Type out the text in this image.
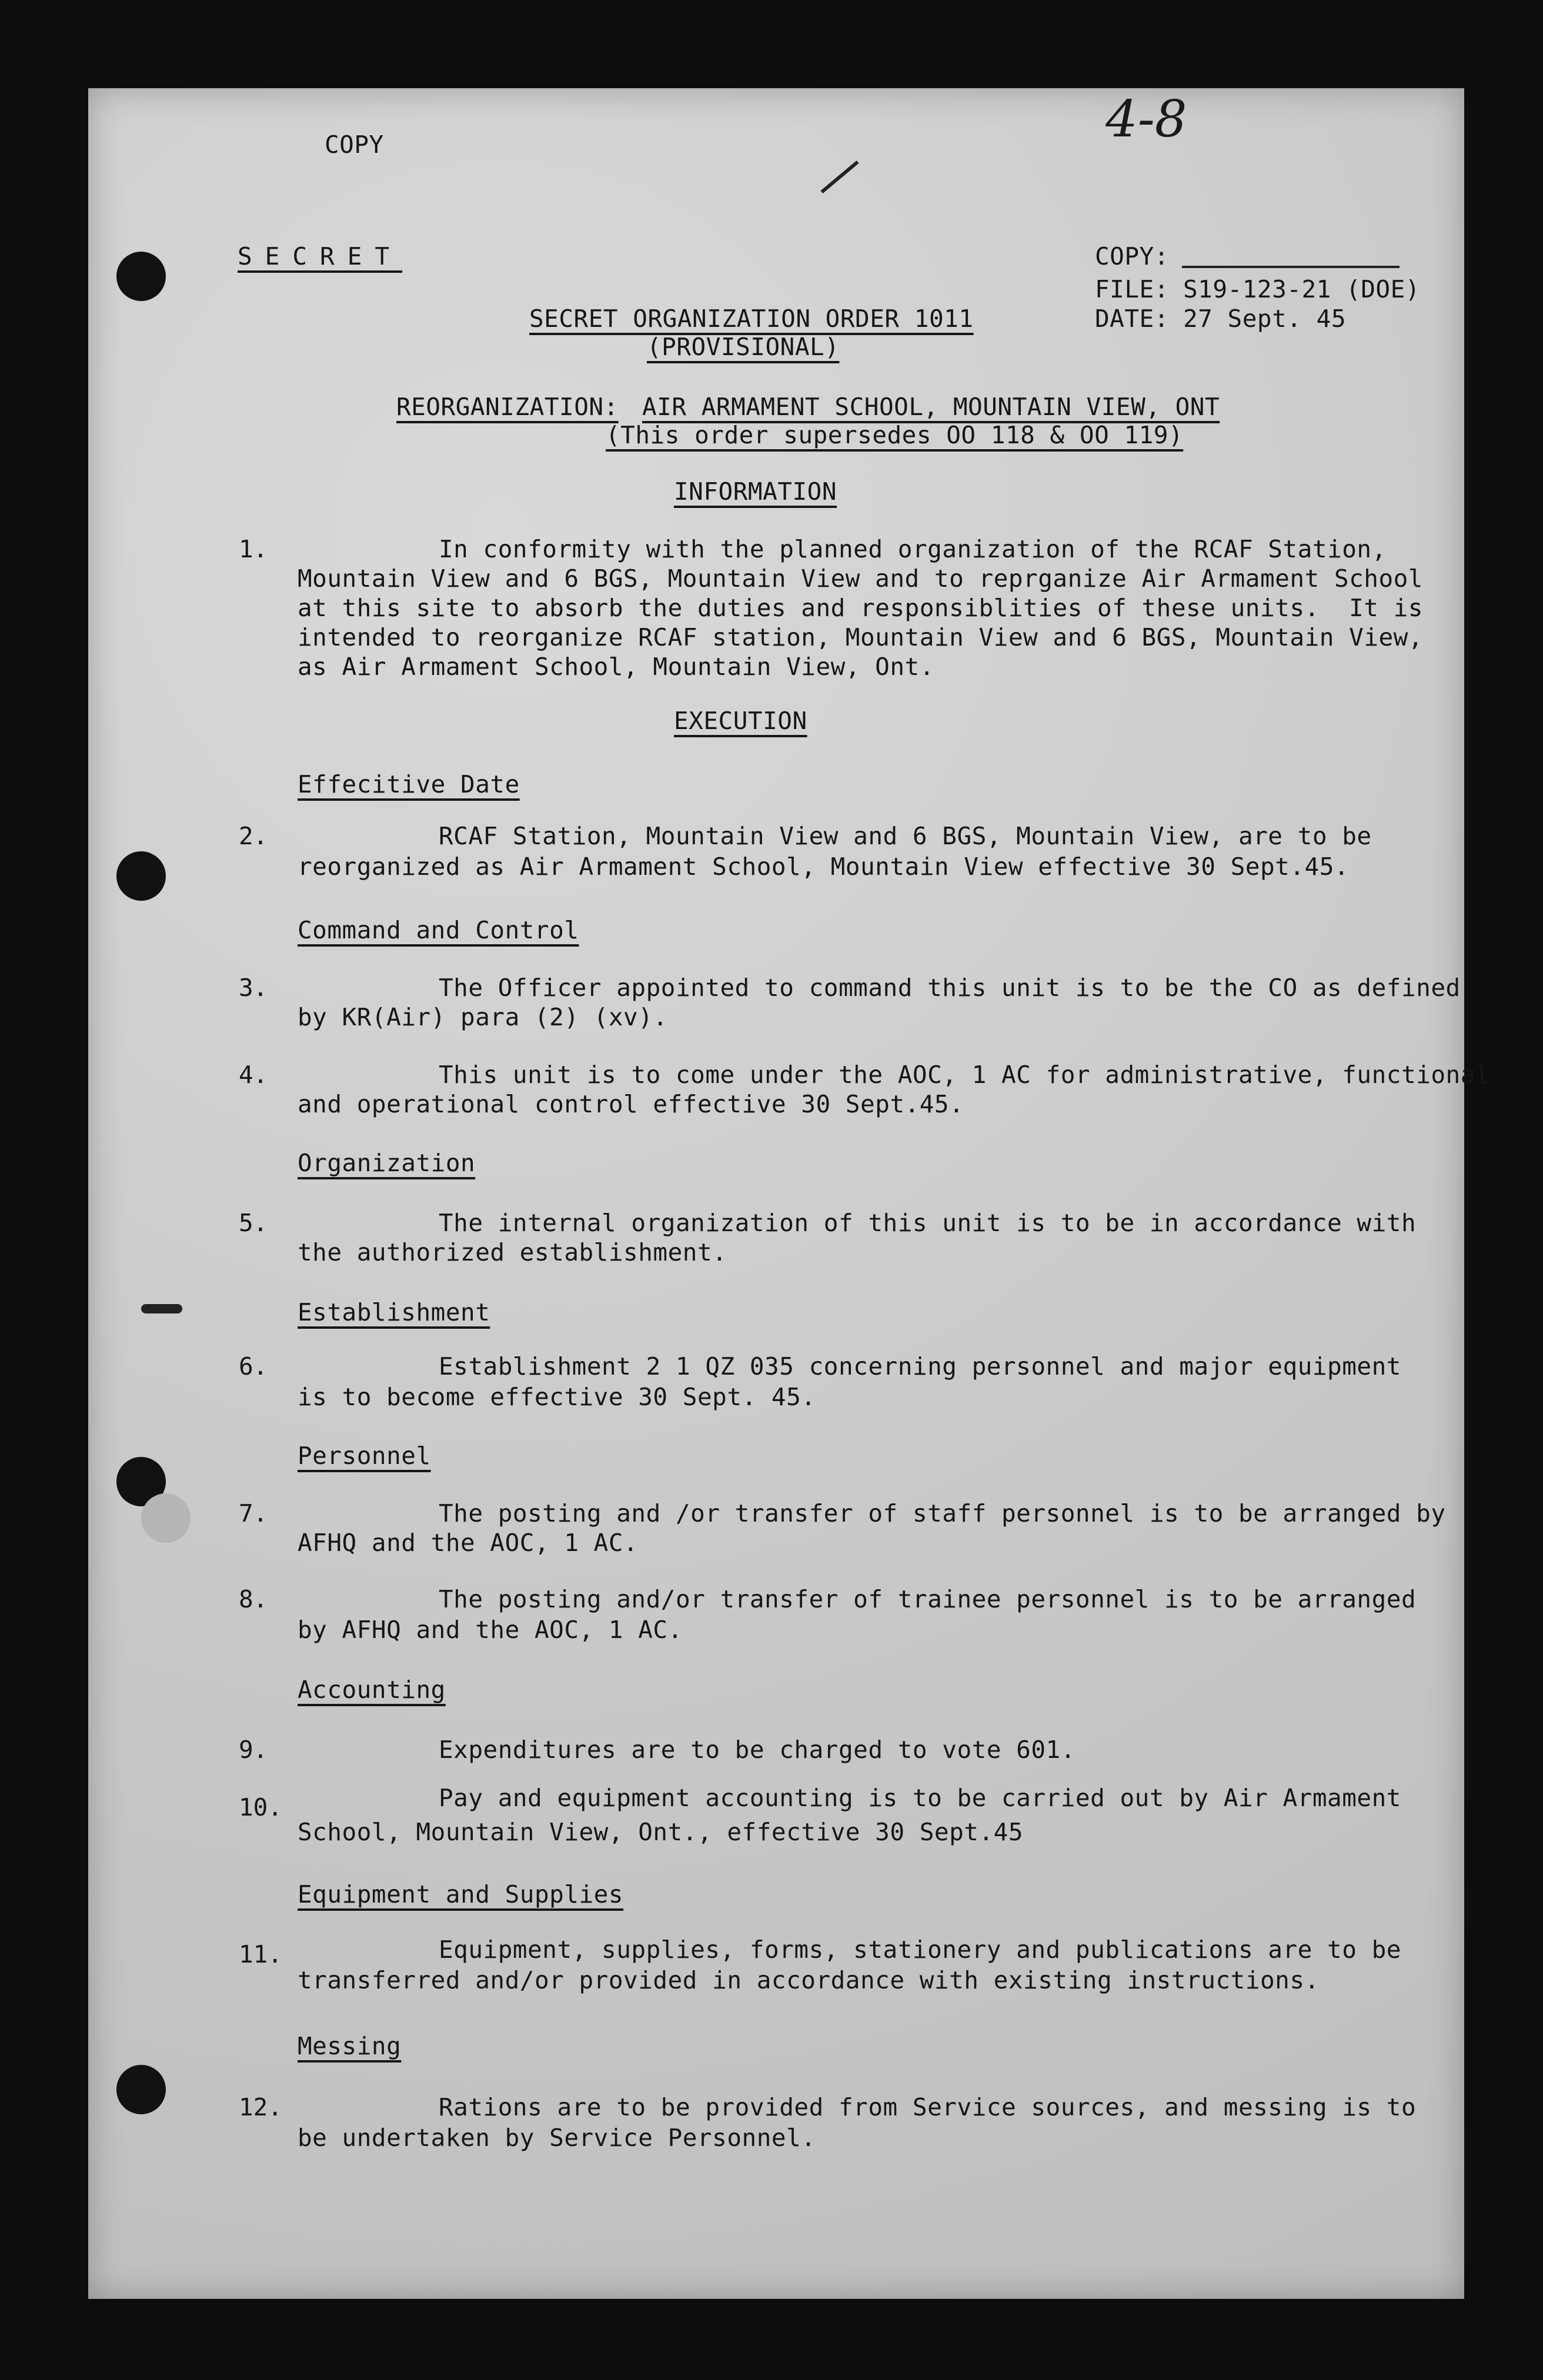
COPY	4-8
SECRET	COPY:
FILE: S19-123-21 (DOE)
DATE: 27 Sept. 45
SECRET ORGANIZATION ORDER 1011
(PROVISIONAL)
REORGANIZATION: AIR ARMAMENT SCHOOL, MOUNTAIN VIEW, ONT
(This order supersedes OO 118 & OO 119)
INFORMATION
1.	In conformity with the planned organization of the RCAF Station,
Mountain View and 6 BGS, Mountain View and to reprganize Air Armament School
at this site to absorb the duties and responsiblities of these units.  It is
intended to reorganize RCAF station, Mountain View and 6 BGS, Mountain View,
as Air Armament School, Mountain View, Ont.
EXECUTION
Effecitive Date
2.	RCAF Station, Mountain View and 6 BGS, Mountain View, are to be
reorganized as Air Armament School, Mountain View effective 30 Sept.45.
Command and Control
3.	The Officer appointed to command this unit is to be the CO as defined
by KR(Air) para (2) (xv).
4.	This unit is to come under the AOC, 1 AC for administrative, functional
and operational control effective 30 Sept.45.
Organization
5.	The internal organization of this unit is to be in accordance with
the authorized establishment.
Establishment
6.	Establishment 2 1 QZ 035 concerning personnel and major equipment
is to become effective 30 Sept. 45.
Personnel
7.	The posting and /or transfer of staff personnel is to be arranged by
AFHQ and the AOC, 1 AC.
8.	The posting and/or transfer of trainee personnel is to be arranged
by AFHQ and the AOC, 1 AC.
Accounting
9.	Expenditures are to be charged to vote 601.
10.	Pay and equipment accounting is to be carried out by Air Armament
School, Mountain View, Ont., effective 30 Sept.45
Equipment and Supplies
11.	Equipment, supplies, forms, stationery and publications are to be
transferred and/or provided in accordance with existing instructions.
Messing
12.	Rations are to be provided from Service sources, and messing is to
be undertaken by Service Personnel.
